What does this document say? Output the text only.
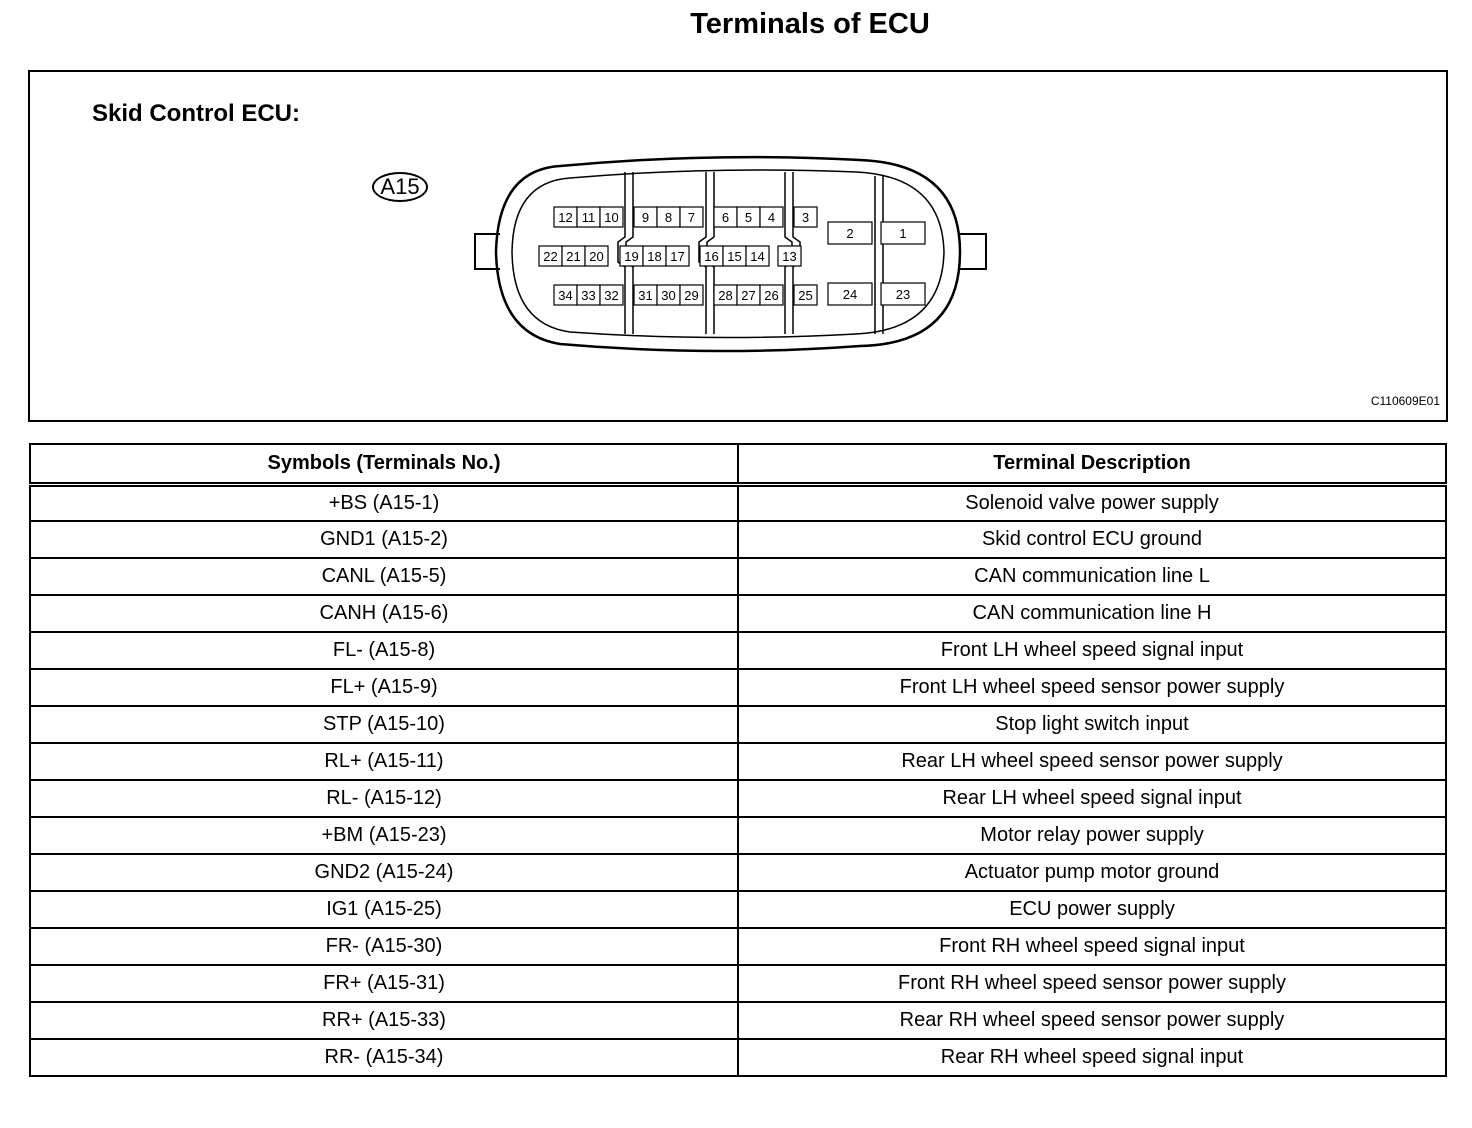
Terminals of ECU
Skid Control ECU:
A15
12 11 10 9 8 7 6 5 4 3
2	1
22 21 20 19 18 17 16 15 14 13
34 33 32 31 30 29 28 27 26 25 24	23
C110609E01
Symbols (Terminals No.)	Terminal Description
+BS (A15-1)	Solenoid valve power supply
GND1 (A15-2)	Skid control ECU ground
CANL (A15-5)	CAN communication line L
CANH (A15-6)	CAN communication line H
FL- (A15-8)	Front LH wheel speed signal input
FL+ (A15-9)	Front LH wheel speed sensor power supply
STP (A15-10)	Stop light switch input
RL+ (A15-11)	Rear LH wheel speed sensor power supply
RL- (A15-12)	Rear LH wheel speed signal input
+BM (A15-23)	Motor relay power supply
GND2 (A15-24)	Actuator pump motor ground
IG1 (A15-25)	ECU power supply
FR- (A15-30)	Front RH wheel speed signal input
FR+ (A15-31)	Front RH wheel speed sensor power supply
RR+ (A15-33)	Rear RH wheel speed sensor power supply
RR- (A15-34)	Rear RH wheel speed signal input
